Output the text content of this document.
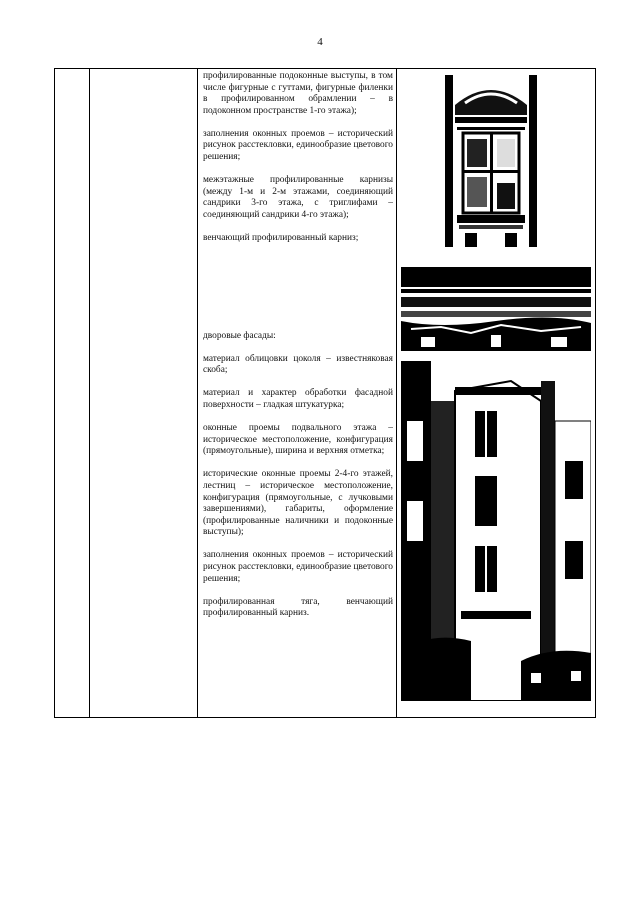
4

профилированные подоконные выступы, в том числе фигурные с гуттами, фигурные филенки в профилированном обрамлении – в подоконном пространстве 1-го этажа);

заполнения оконных проемов – исторический рисунок расстекловки, единообразие цветового решения;

межэтажные профилированные карнизы (между 1-м и 2-м этажами, соединяющий сандрики 3-го этажа, с триглифами – соединяющий сандрики 4-го этажа);

венчающий профилированный карниз;

дворовые фасады:

материал облицовки цоколя – известняковая скоба;

материал и характер обработки фасадной поверхности – гладкая штукатурка;

оконные проемы подвального этажа – историческое местоположение, конфигурация (прямоугольные), ширина и верхняя отметка;

исторические оконные проемы 2-4-го этажей, лестниц – историческое местоположение, конфигурация (прямоугольные, с лучковыми завершениями), габариты, оформление (профилированные наличники и подоконные выступы);

заполнения оконных проемов – исторический рисунок расстекловки, единообразие цветового решения;

профилированная тяга, венчающий профилированный карниз.
